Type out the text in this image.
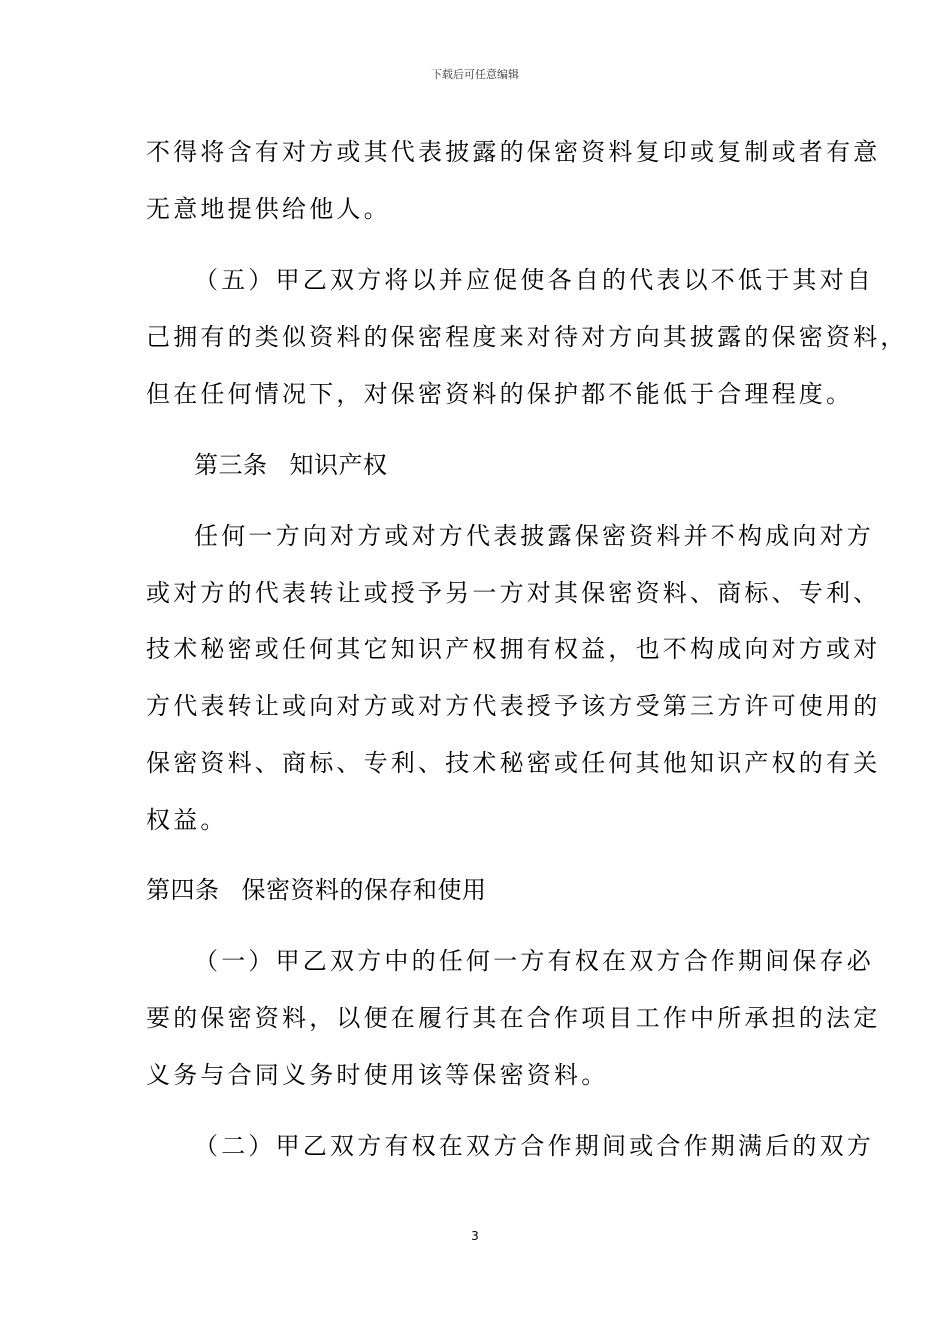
下载后可任意编辑
不得将含有对方或其代表披露的保密资料复印或复制或者有意
无意地提供给他人。
（五）甲乙双方将以并应促使各自的代表以不低于其对自
己拥有的类似资料的保密程度来对待对方向其披露的保密资料，
但在任何情况下，对保密资料的保护都不能低于合理程度。
第三条 知识产权
任何一方向对方或对方代表披露保密资料并不构成向对方
或对方的代表转让或授予另一方对其保密资料、商标、专利、
技术秘密或任何其它知识产权拥有权益，也不构成向对方或对
方代表转让或向对方或对方代表授予该方受第三方许可使用的
保密资料、商标、专利、技术秘密或任何其他知识产权的有关
权益。
第四条 保密资料的保存和使用
（一）甲乙双方中的任何一方有权在双方合作期间保存必
要的保密资料，以便在履行其在合作项目工作中所承担的法定
义务与合同义务时使用该等保密资料。
（二）甲乙双方有权在双方合作期间或合作期满后的双方
3
